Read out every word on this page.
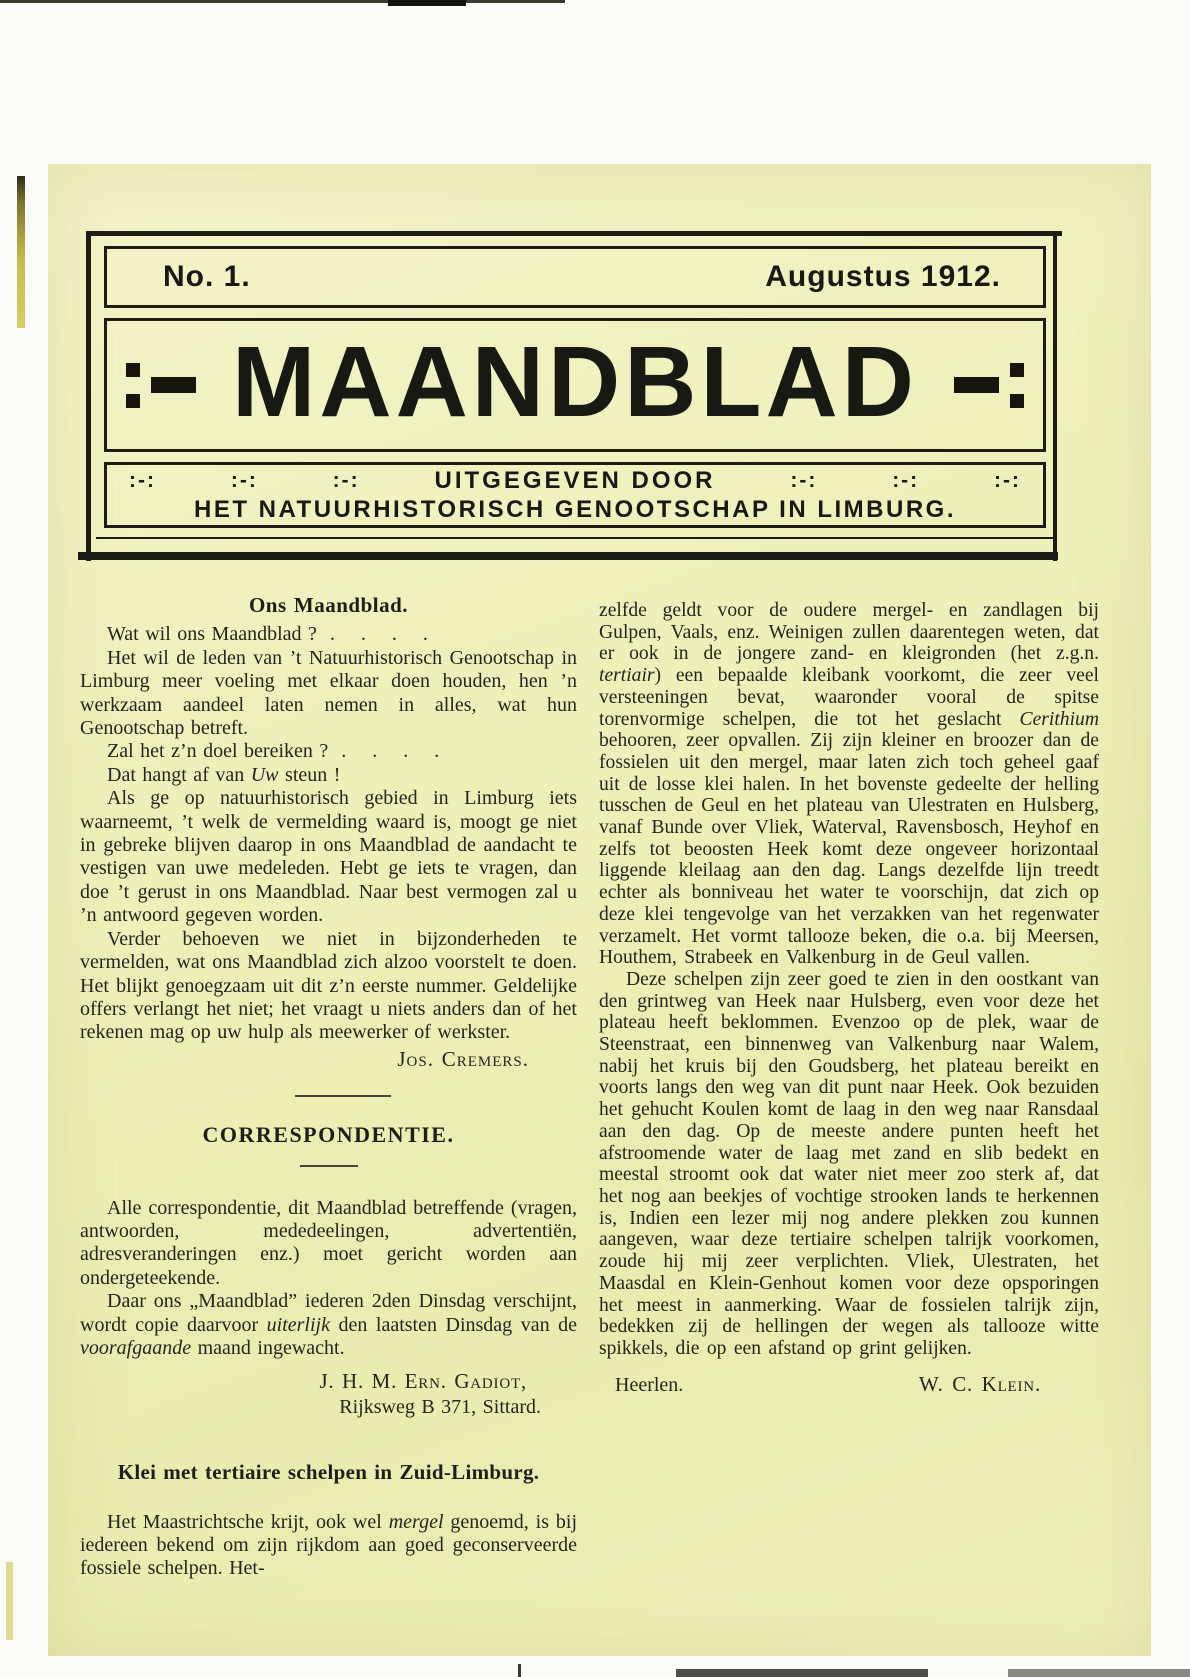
No. 1.	Augustus 1912.
MAANDBLAD
:-:	:-:	:-:	UITGEGEVEN DOOR	:-:	:-:	:-:
HET NATUURHISTORISCH GENOOTSCHAP IN LIMBURG.
Ons Maandblad.

Wat wil ons Maandblad ?  .    .    .    .

Het wil de leden van ’t Natuurhistorisch Genootschap in Limburg meer voeling met elkaar doen houden, hen ’n werkzaam aandeel laten nemen in alles, wat hun Genootschap betreft.

Zal het z’n doel bereiken ?  .    .    .    .

Dat hangt af van Uw steun !

Als ge op natuurhistorisch gebied in Limburg iets waarneemt, ’t welk de vermelding waard is, moogt ge niet in gebreke blijven daarop in ons Maandblad de aandacht te vestigen van uwe medeleden. Hebt ge iets te vragen, dan doe ’t gerust in ons Maandblad. Naar best vermogen zal u ’n antwoord gegeven worden.

Verder behoeven we niet in bijzonderheden te vermelden, wat ons Maandblad zich alzoo voorstelt te doen. Het blijkt genoegzaam uit dit z’n eerste nummer. Geldelijke offers verlangt het niet; het vraagt u niets anders dan of het rekenen mag op uw hulp als meewerker of werkster.

Jos. Cremers.
CORRESPONDENTIE.

Alle correspondentie, dit Maandblad betreffende (vragen, antwoorden, mededeelingen, advertentiën, adresveranderingen enz.) moet gericht worden aan ondergeteekende.

Daar ons „Maandblad” iederen 2den Dinsdag verschijnt, wordt copie daarvoor uiterlijk den laatsten Dinsdag van de voorafgaande maand ingewacht.

J. H. M. Ern. Gadiot,
Rijksweg B 371, Sittard.
Klei met tertiaire schelpen in Zuid-Limburg.

Het Maastrichtsche krijt, ook wel mergel genoemd, is bij iedereen bekend om zijn rijkdom aan goed geconserveerde fossiele schelpen. Het-

zelfde geldt voor de oudere mergel- en zandlagen bij Gulpen, Vaals, enz. Weinigen zullen daarentegen weten, dat er ook in de jongere zand- en kleigronden (het z.g.n. tertiair) een bepaalde kleibank voorkomt, die zeer veel versteeningen bevat, waaronder vooral de spitse torenvormige schelpen, die tot het geslacht Cerithium behooren, zeer opvallen. Zij zijn kleiner en broozer dan de fossielen uit den mergel, maar laten zich toch geheel gaaf uit de losse klei halen. In het bovenste gedeelte der helling tusschen de Geul en het plateau van Ulestraten en Hulsberg, vanaf Bunde over Vliek, Waterval, Ravensbosch, Heyhof en zelfs tot beoosten Heek komt deze ongeveer horizontaal liggende kleilaag aan den dag. Langs dezelfde lijn treedt echter als bonniveau het water te voorschijn, dat zich op deze klei tengevolge van het verzakken van het regenwater verzamelt. Het vormt tallooze beken, die o.a. bij Meersen, Houthem, Strabeek en Valkenburg in de Geul vallen.

Deze schelpen zijn zeer goed te zien in den oostkant van den grintweg van Heek naar Hulsberg, even voor deze het plateau heeft beklommen. Evenzoo op de plek, waar de Steenstraat, een binnenweg van Valkenburg naar Walem, nabij het kruis bij den Goudsberg, het plateau bereikt en voorts langs den weg van dit punt naar Heek. Ook bezuiden het gehucht Koulen komt de laag in den weg naar Ransdaal aan den dag. Op de meeste andere punten heeft het afstroomende water de laag met zand en slib bedekt en meestal stroomt ook dat water niet meer zoo sterk af, dat het nog aan beekjes of vochtige strooken lands te herkennen is, Indien een lezer mij nog andere plekken zou kunnen aangeven, waar deze tertiaire schelpen talrijk voorkomen, zoude hij mij zeer verplichten. Vliek, Ulestraten, het Maasdal en Klein-Genhout komen voor deze opsporingen het meest in aanmerking. Waar de fossielen talrijk zijn, bedekken zij de hellingen der wegen als tallooze witte spikkels, die op een afstand op grint gelijken.

Heerlen.	W. C. Klein.
